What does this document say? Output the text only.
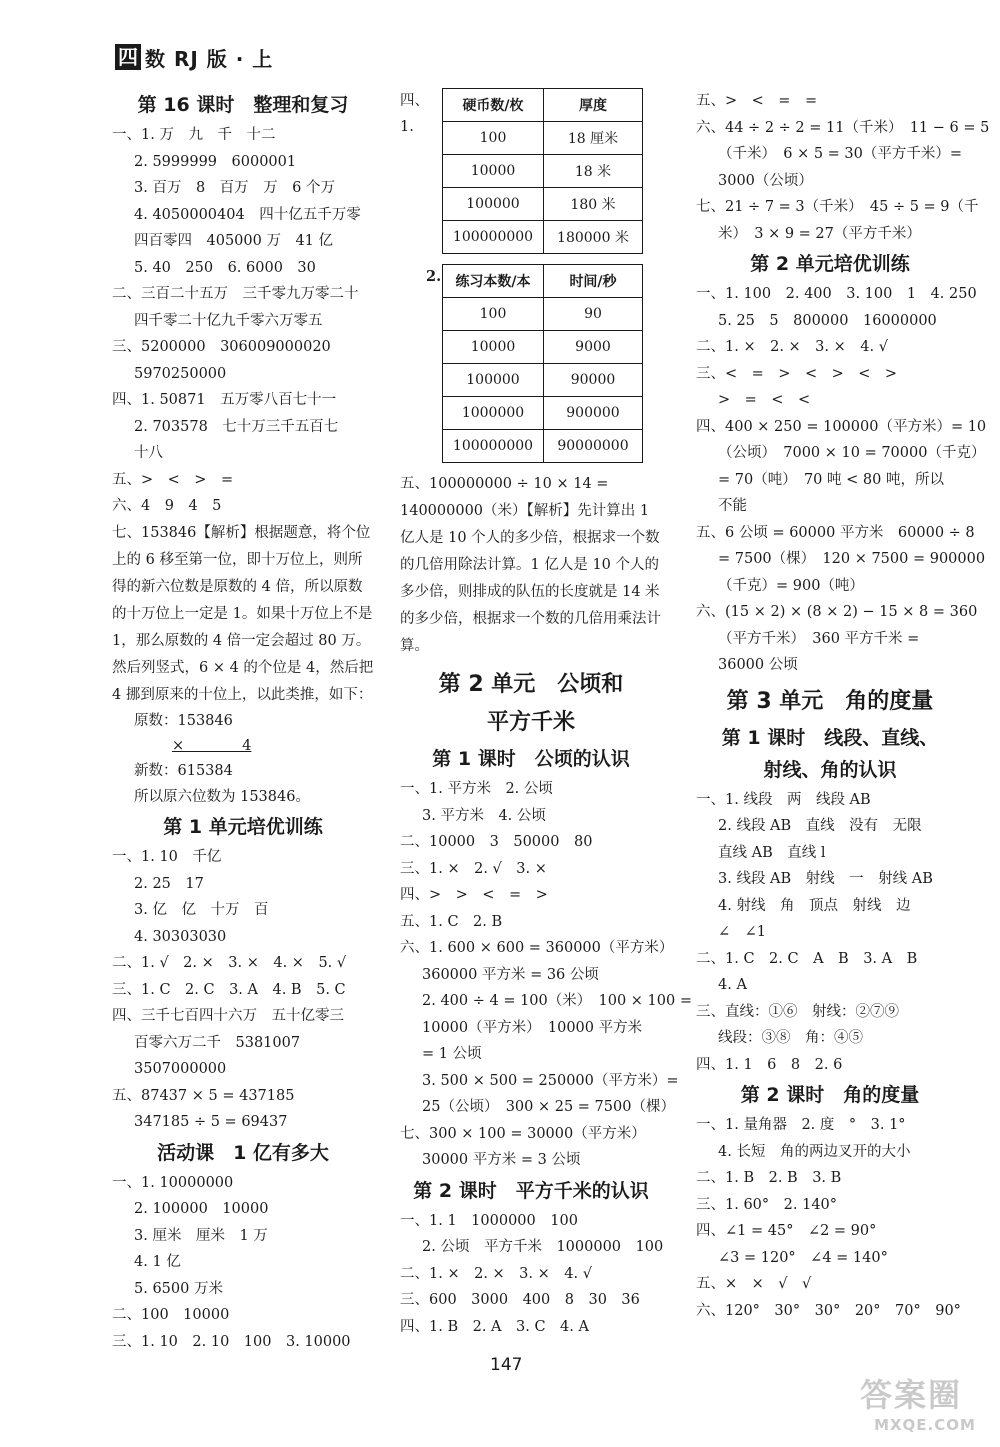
四 数 RJ 版 · 上
第 16 课时　整理和复习
一、1. 万　九　千　十二
2. 5999999　6000001
3. 百万　8　百万　万　6 个万
4. 4050000404　四十亿五千万零
四百零四　405000 万　41 亿
5. 40　250　6. 6000　30
二、三百二十五万　三千零九万零二十
四千零二十亿九千零六万零五
三、5200000　306009000020
5970250000
四、1. 50871　五万零八百七十一
2. 703578　七十万三千五百七
十八
五、>　<　>　=
六、4　9　4　5
七、153846【解析】根据题意，将个位上的 6 移至第一位，即十万位上，则所得的新六位数是原数的 4 倍，所以原数的十万位上一定是 1。如果十万位上不是 1，那么原数的 4 倍一定会超过 80 万。然后列竖式，6 × 4 的个位是 4，然后把 4 挪到原来的十位上，以此类推，如下：
原数：153846
×　　　　4
新数：615384
所以原六位数为 153846。
第 1 单元培优训练
一、1. 10　千亿
2. 25　17
3. 亿　亿　十万　百
4. 30303030
二、1. √　2. ×　3. ×　4. ×　5. √
三、1. C　2. C　3. A　4. B　5. C
四、三千七百四十六万　五十亿零三
百零六万二千　5381007
3507000000
五、87437 × 5 = 437185
347185 ÷ 5 = 69437
活动课　1 亿有多大
一、1. 10000000
2. 100000　10000
3. 厘米　厘米　1 万
4. 1 亿
5. 6500 万米
二、100　10000
三、1. 10　2. 10　100　3. 10000
四、1.
硬币数/枚	厚度
100	18 厘米
10000	18 米
100000	180 米
100000000	180000 米
2. 练习本数/本	时间/秒
100	90
10000	9000
100000	90000
1000000	900000
100000000	90000000
五、100000000 ÷ 10 × 14 = 140000000（米）【解析】先计算出 1 亿人是 10 个人的多少倍，根据求一个数的几倍用除法计算。1 亿人是 10 个人的多少倍，则排成的队伍的长度就是 14 米的多少倍，根据求一个数的几倍用乘法计算。
第 2 单元　公顷和
平方千米
第 1 课时　公顷的认识
一、1. 平方米　2. 公顷
3. 平方米　4. 公顷
二、10000　3　50000　80
三、1. ×　2. √　3. ×
四、>　>　<　=　>
五、1. C　2. B
六、1. 600 × 600 = 360000（平方米）
360000 平方米 = 36 公顷
2. 400 ÷ 4 = 100（米）　100 × 100 =
10000（平方米）　10000 平方米
= 1 公顷
3. 500 × 500 = 250000（平方米）=
25（公顷）　300 × 25 = 7500（棵）
七、300 × 100 = 30000（平方米）
30000 平方米 = 3 公顷
第 2 课时　平方千米的认识
一、1. 1　1000000　100
2. 公顷　平方千米　1000000　100
二、1. ×　2. ×　3. ×　4. √
三、600　3000　400　8　30　36
四、1. B　2. A　3. C　4. A
五、>　<　=　=
六、44 ÷ 2 ÷ 2 = 11（千米）　11 − 6 = 5
（千米）　6 × 5 = 30（平方千米）=
3000（公顷）
七、21 ÷ 7 = 3（千米）　45 ÷ 5 = 9（千
米）　3 × 9 = 27（平方千米）
第 2 单元培优训练
一、1. 100　2. 400　3. 100　1　4. 250
5. 25　5　800000　16000000
二、1. ×　2. ×　3. ×　4. √
三、<　=　>　<　>　<　>
>　=　<　<
四、400 × 250 = 100000（平方米）= 10
（公顷）　7000 × 10 = 70000（千克）
= 70（吨）　70 吨 < 80 吨，所以
不能
五、6 公顷 = 60000 平方米　60000 ÷ 8
= 7500（棵）　120 × 7500 = 900000
（千克）= 900（吨）
六、(15 × 2) × (8 × 2) − 15 × 8 = 360
（平方千米）　360 平方千米 =
36000 公顷
第 3 单元　角的度量
第 1 课时　线段、直线、
射线、角的认识
一、1. 线段　两　线段 AB
2. 线段 AB　直线　没有　无限
直线 AB　直线 l
3. 线段 AB　射线　一　射线 AB
4. 射线　角　顶点　射线　边
∠　∠1
二、1. C　2. C　A　B　3. A　B
4. A
三、直线：①⑥　射线：②⑦⑨
线段：③⑧　角：④⑤
四、1. 1　6　8　2. 6
第 2 课时　角的度量
一、1. 量角器　2. 度　°　3. 1°
4. 长短　角的两边叉开的大小
二、1. B　2. B　3. B
三、1. 60°　2. 140°
四、∠1 = 45°　∠2 = 90°
∠3 = 120°　∠4 = 140°
五、×　×　√　√
六、120°　30°　30°　20°　70°　90°
147
答案圈
MXQE.COM
